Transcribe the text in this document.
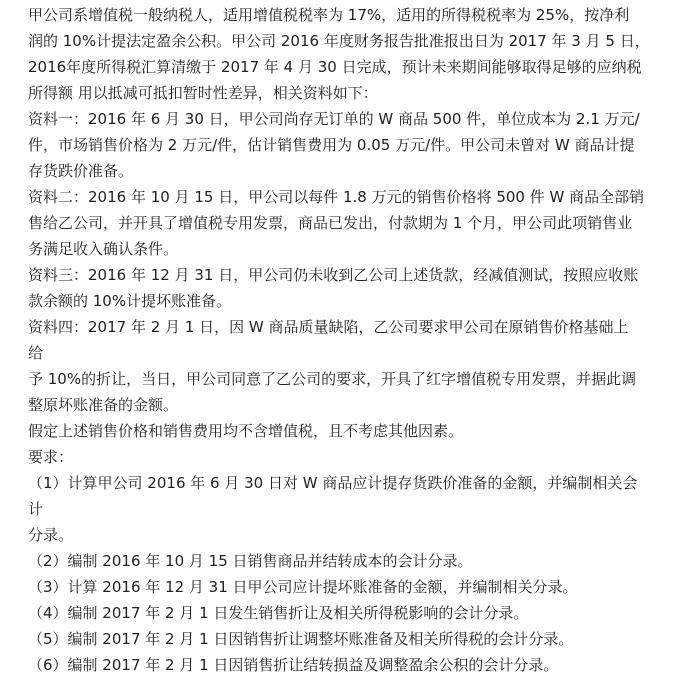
甲公司系增值税一般纳税人，适用增值税税率为 17%，适用的所得税税率为 25%，按净利
润的 10%计提法定盈余公积。甲公司 2016 年度财务报告批准报出日为 2017 年 3 月 5 日，
2016年度所得税汇算清缴于 2017 年 4 月 30 日完成，预计未来期间能够取得足够的应纳税
所得额 用以抵减可抵扣暂时性差异，相关资料如下：
资料一：2016 年 6 月 30 日，甲公司尚存无订单的 W 商品 500 件，单位成本为 2.1 万元/
件，市场销售价格为 2 万元/件，估计销售费用为 0.05 万元/件。甲公司未曾对 W 商品计提
存货跌价准备。
资料二：2016 年 10 月 15 日，甲公司以每件 1.8 万元的销售价格将 500 件 W 商品全部销
售给乙公司，并开具了增值税专用发票，商品已发出，付款期为 1 个月，甲公司此项销售业
务满足收入确认条件。
资料三：2016 年 12 月 31 日，甲公司仍未收到乙公司上述货款，经减值测试，按照应收账
款余额的 10%计提坏账准备。
资料四：2017 年 2 月 1 日，因 W 商品质量缺陷，乙公司要求甲公司在原销售价格基础上
给
予 10%的折让，当日，甲公司同意了乙公司的要求，开具了红字增值税专用发票，并据此调
整原坏账准备的金额。
假定上述销售价格和销售费用均不含增值税，且不考虑其他因素。
要求：
（1）计算甲公司 2016 年 6 月 30 日对 W 商品应计提存货跌价准备的金额，并编制相关会
计
分录。
（2）编制 2016 年 10 月 15 日销售商品并结转成本的会计分录。
（3）计算 2016 年 12 月 31 日甲公司应计提坏账准备的金额，并编制相关分录。
（4）编制 2017 年 2 月 1 日发生销售折让及相关所得税影响的会计分录。
（5）编制 2017 年 2 月 1 日因销售折让调整坏账准备及相关所得税的会计分录。
（6）编制 2017 年 2 月 1 日因销售折让结转损益及调整盈余公积的会计分录。
